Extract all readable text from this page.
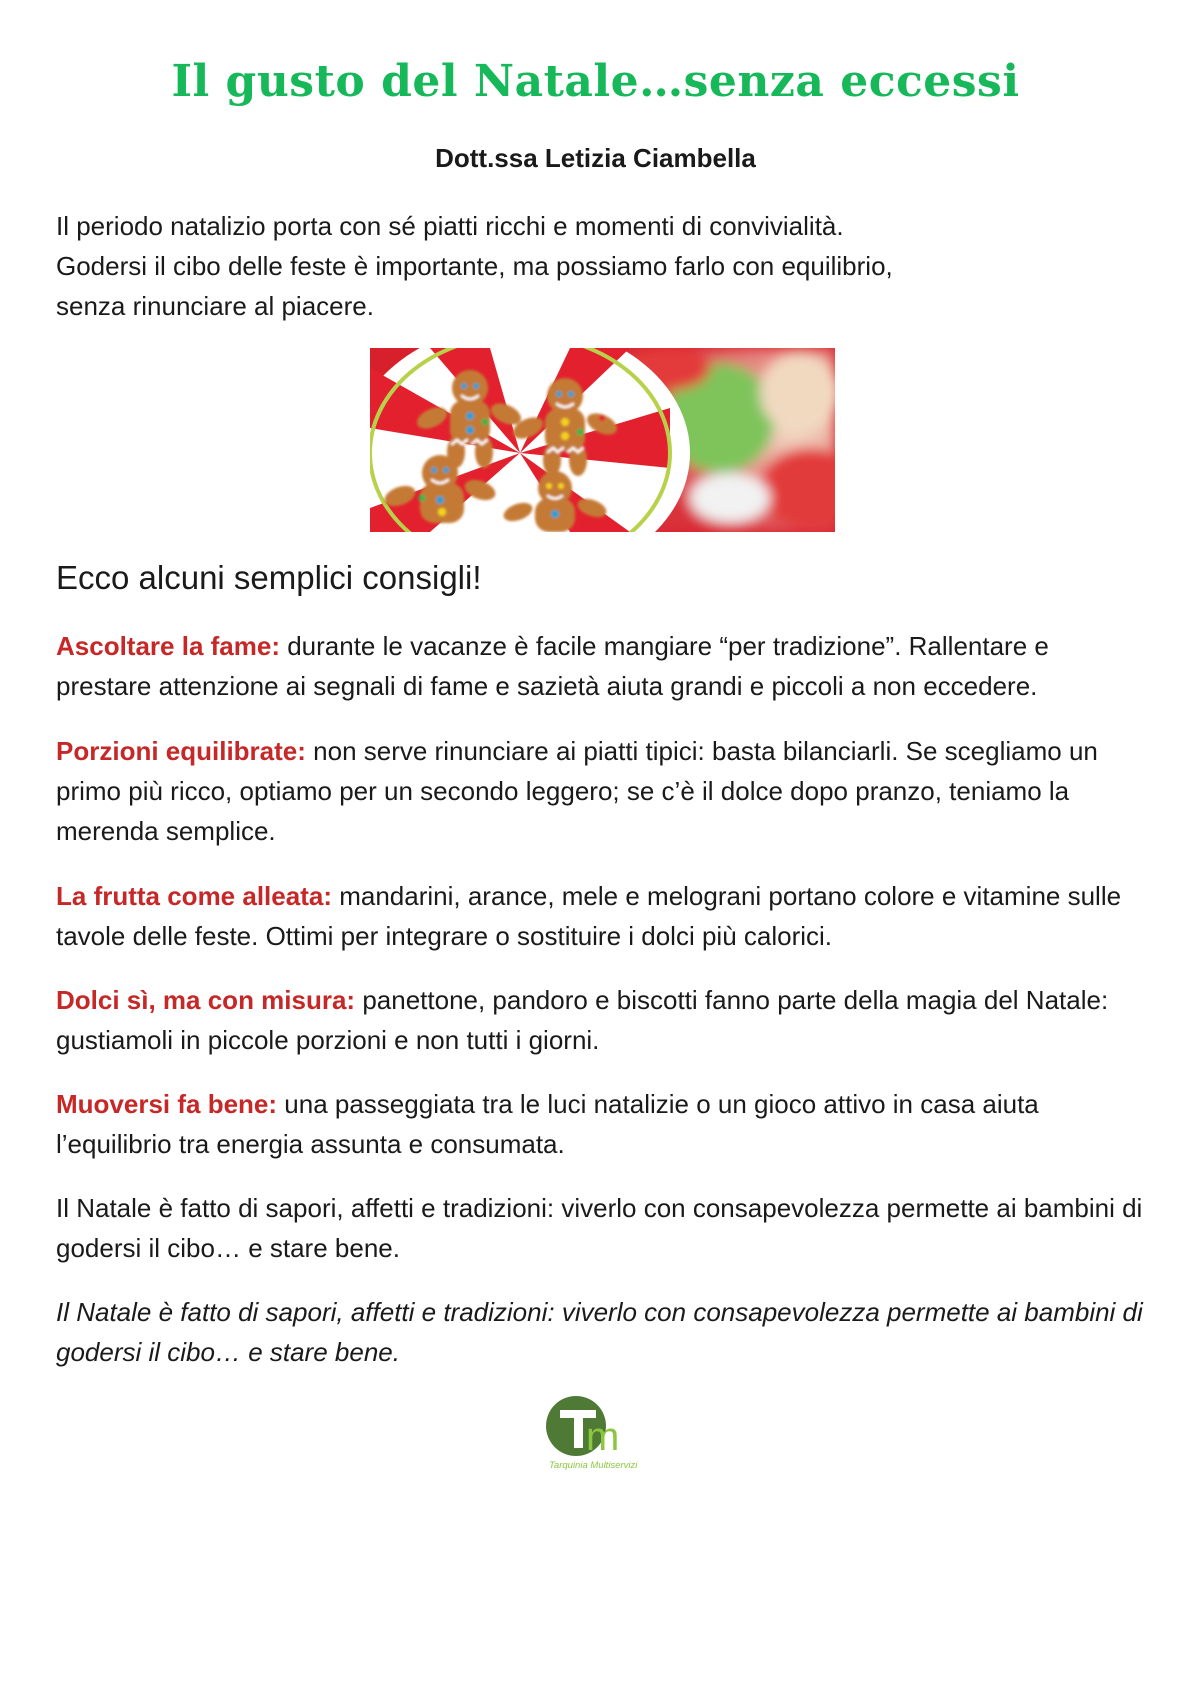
Il gusto del Natale…senza eccessi
Dott.ssa Letizia Ciambella

Il periodo natalizio porta con sé piatti ricchi e momenti di convivialità.
Godersi il cibo delle feste è importante, ma possiamo farlo con equilibrio,
senza rinunciare al piacere.

Ecco alcuni semplici consigli!

Ascoltare la fame: durante le vacanze è facile mangiare “per tradizione”. Rallentare e prestare attenzione ai segnali di fame e sazietà aiuta grandi e piccoli a non eccedere.

Porzioni equilibrate: non serve rinunciare ai piatti tipici: basta bilanciarli. Se scegliamo un primo più ricco, optiamo per un secondo leggero; se c’è il dolce dopo pranzo, teniamo la merenda semplice.

La frutta come alleata: mandarini, arance, mele e melograni portano colore e vitamine sulle tavole delle feste. Ottimi per integrare o sostituire i dolci più calorici.

Dolci sì, ma con misura: panettone, pandoro e biscotti fanno parte della magia del Natale: gustiamoli in piccole porzioni e non tutti i giorni.

Muoversi fa bene: una passeggiata tra le luci natalizie o un gioco attivo in casa aiuta l’equilibrio tra energia assunta e consumata.

Il Natale è fatto di sapori, affetti e tradizioni: viverlo con consapevolezza permette ai bambini di godersi il cibo… e stare bene.

Il Natale è fatto di sapori, affetti e tradizioni: viverlo con consapevolezza permette ai bambini di godersi il cibo… e stare bene.

m
Tarquinia Multiservizi
